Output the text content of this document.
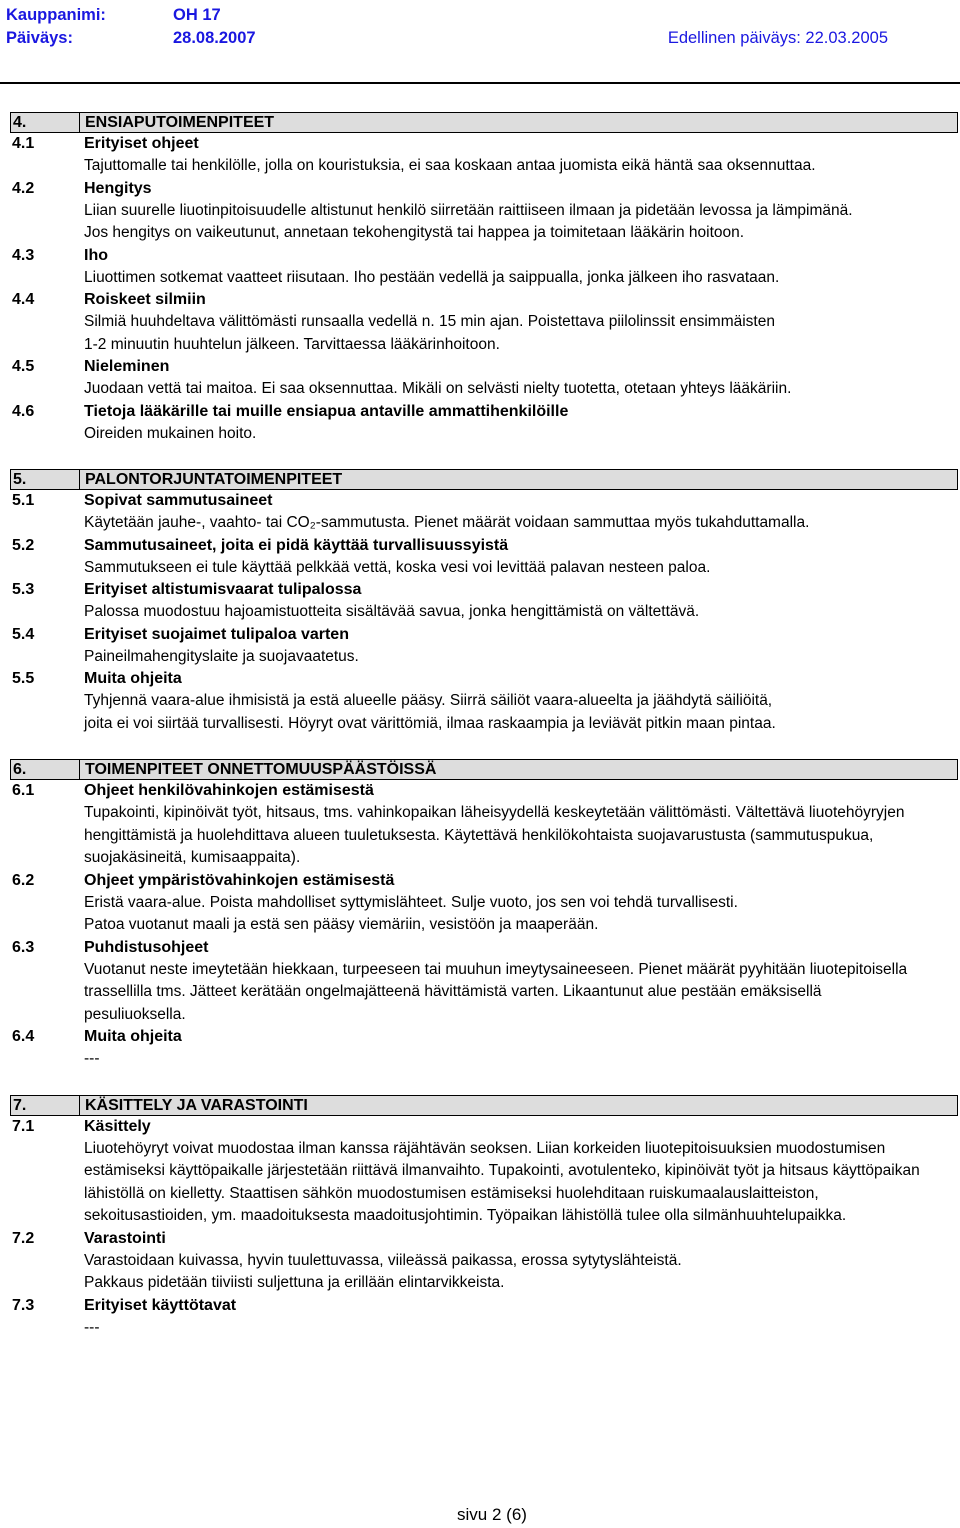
Kauppanimi:	OH 17
Päiväys:	28.08.2007	Edellinen päiväys: 22.03.2005
4.	ENSIAPUTOIMENPITEET
4.1	Erityiset ohjeet

Tajuttomalle tai henkilölle, jolla on kouristuksia, ei saa koskaan antaa juomista eikä häntä saa oksennuttaa.

4.2	Hengitys

Liian suurelle liuotinpitoisuudelle altistunut henkilö siirretään raittiiseen ilmaan ja pidetään levossa ja lämpimänä.

Jos hengitys on vaikeutunut, annetaan tekohengitystä tai happea ja toimitetaan lääkärin hoitoon.

4.3	Iho

Liuottimen sotkemat vaatteet riisutaan. Iho pestään vedellä ja saippualla, jonka jälkeen iho rasvataan.

4.4	Roiskeet silmiin

Silmiä huuhdeltava välittömästi runsaalla vedellä n. 15 min ajan. Poistettava piilolinssit ensimmäisten

1-2 minuutin huuhtelun jälkeen. Tarvittaessa lääkärinhoitoon.

4.5	Nieleminen

Juodaan vettä tai maitoa. Ei saa oksennuttaa. Mikäli on selvästi nielty tuotetta, otetaan yhteys lääkäriin.

4.6	Tietoja lääkärille tai muille ensiapua antaville ammattihenkilöille

Oireiden mukainen hoito.

5.	PALONTORJUNTATOIMENPITEET
5.1	Sopivat sammutusaineet

Käytetään jauhe-, vaahto- tai CO₂-sammutusta. Pienet määrät voidaan sammuttaa myös tukahduttamalla.

5.2	Sammutusaineet, joita ei pidä käyttää turvallisuussyistä

Sammutukseen ei tule käyttää pelkkää vettä, koska vesi voi levittää palavan nesteen paloa.

5.3	Erityiset altistumisvaarat tulipalossa

Palossa muodostuu hajoamistuotteita sisältävää savua, jonka hengittämistä on vältettävä.

5.4	Erityiset suojaimet tulipaloa varten

Paineilmahengityslaite ja suojavaatetus.

5.5	Muita ohjeita

Tyhjennä vaara-alue ihmisistä ja estä alueelle pääsy. Siirrä säiliöt vaara-alueelta ja jäähdytä säiliöitä,

joita ei voi siirtää turvallisesti. Höyryt ovat värittömiä, ilmaa raskaampia ja leviävät pitkin maan pintaa.

6.	TOIMENPITEET ONNETTOMUUSPÄÄSTÖISSÄ
6.1	Ohjeet henkilövahinkojen estämisestä

Tupakointi, kipinöivät työt, hitsaus, tms. vahinkopaikan läheisyydellä keskeytetään välittömästi. Vältettävä liuotehöyryjen

hengittämistä ja huolehdittava alueen tuuletuksesta. Käytettävä henkilökohtaista suojavarustusta (sammutuspukua,

suojakäsineitä, kumisaappaita).

6.2	Ohjeet ympäristövahinkojen estämisestä

Eristä vaara-alue. Poista mahdolliset syttymislähteet. Sulje vuoto, jos sen voi tehdä turvallisesti.

Patoa vuotanut maali ja estä sen pääsy viemäriin, vesistöön ja maaperään.

6.3	Puhdistusohjeet

Vuotanut neste imeytetään hiekkaan, turpeeseen tai muuhun imeytysaineeseen. Pienet määrät pyyhitään liuotepitoisella

trassellilla tms. Jätteet kerätään ongelmajätteenä hävittämistä varten. Likaantunut alue pestään emäksisellä

pesuliuoksella.

6.4	Muita ohjeita

---

7.	KÄSITTELY JA VARASTOINTI
7.1	Käsittely

Liuotehöyryt voivat muodostaa ilman kanssa räjähtävän seoksen. Liian korkeiden liuotepitoisuuksien muodostumisen

estämiseksi käyttöpaikalle järjestetään riittävä ilmanvaihto. Tupakointi, avotulenteko, kipinöivät työt ja hitsaus käyttöpaikan

lähistöllä on kielletty. Staattisen sähkön muodostumisen estämiseksi huolehditaan ruiskumaalauslaitteiston,

sekoitusastioiden, ym. maadoituksesta maadoitusjohtimin. Työpaikan lähistöllä tulee olla silmänhuuhtelupaikka.

7.2	Varastointi

Varastoidaan kuivassa, hyvin tuulettuvassa, viileässä paikassa, erossa sytytyslähteistä.

Pakkaus pidetään tiiviisti suljettuna ja erillään elintarvikkeista.

7.3	Erityiset käyttötavat

---

sivu 2 (6)
